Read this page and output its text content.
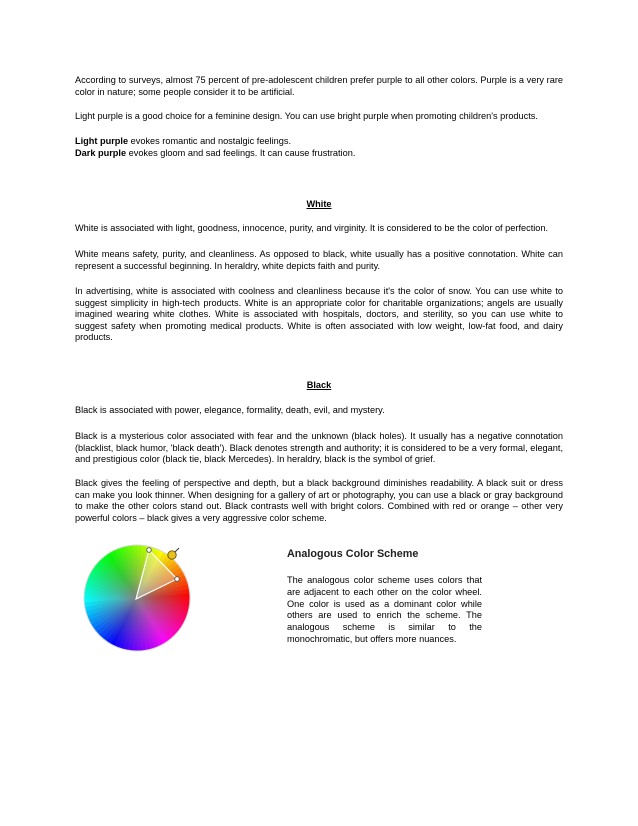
According to surveys, almost 75 percent of pre-adolescent children prefer purple to all other colors. Purple is a very rare color in nature; some people consider it to be artificial.

Light purple is a good choice for a feminine design. You can use bright purple when promoting children's products.

Light purple evokes romantic and nostalgic feelings.
Dark purple evokes gloom and sad feelings. It can cause frustration.

White

White is associated with light, goodness, innocence, purity, and virginity. It is considered to be the color of perfection.

White means safety, purity, and cleanliness. As opposed to black, white usually has a positive connotation. White can represent a successful beginning. In heraldry, white depicts faith and purity.

In advertising, white is associated with coolness and cleanliness because it's the color of snow. You can use white to suggest simplicity in high-tech products. White is an appropriate color for charitable organizations; angels are usually imagined wearing white clothes. White is associated with hospitals, doctors, and sterility, so you can use white to suggest safety when promoting medical products. White is often associated with low weight, low-fat food, and dairy products.

Black

Black is associated with power, elegance, formality, death, evil, and mystery.

Black is a mysterious color associated with fear and the unknown (black holes). It usually has a negative connotation (blacklist, black humor, 'black death'). Black denotes strength and authority; it is considered to be a very formal, elegant, and prestigious color (black tie, black Mercedes). In heraldry, black is the symbol of grief.

Black gives the feeling of perspective and depth, but a black background diminishes readability. A black suit or dress can make you look thinner. When designing for a gallery of art or photography, you can use a black or gray background to make the other colors stand out. Black contrasts well with bright colors. Combined with red or orange – other very powerful colors – black gives a very aggressive color scheme.

Analogous Color Scheme

The analogous color scheme uses colors that are adjacent to each other on the color wheel. One color is used as a dominant color while others are used to enrich the scheme. The analogous scheme is similar to the monochromatic, but offers more nuances.
